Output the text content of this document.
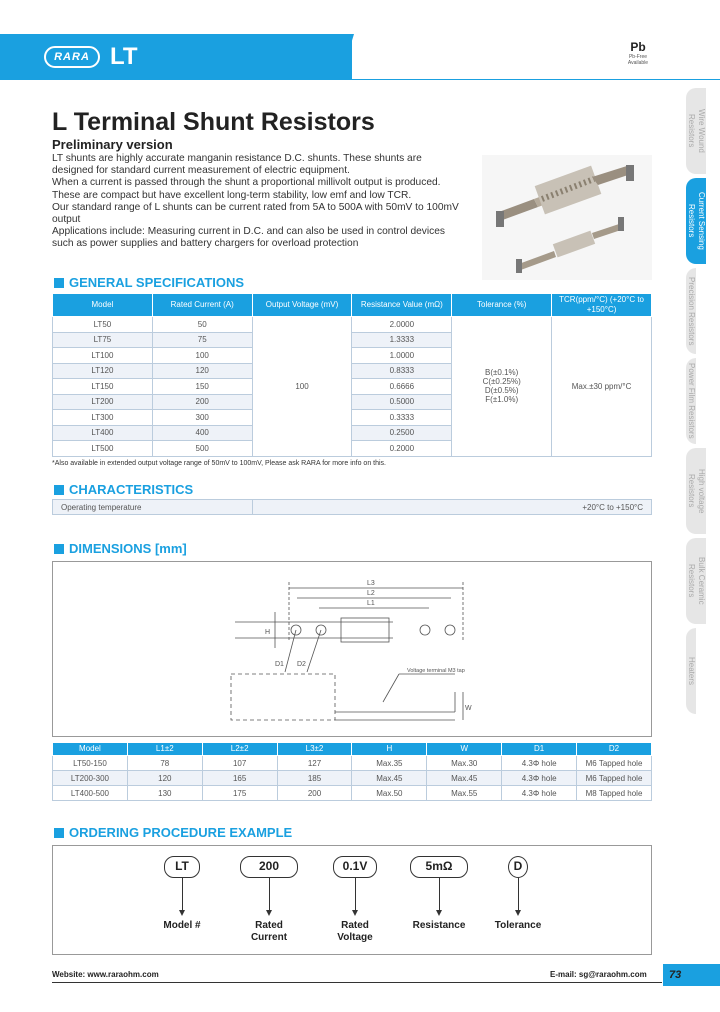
RARA LT	Pb
Pb-Free
Available
Wire Wound Resistors
Current Sensing Resistors
Precision Resistors
Power Film Resistors
High voltage Resistors
Bulk Ceramic Resistors
Heaters
L Terminal Shunt Resistors
Preliminary version

LT shunts are highly accurate manganin resistance D.C. shunts. These shunts are designed for standard current measurement of electric equipment.

When a current is passed through the shunt a proportional millivolt output is produced. These are compact but have excellent long-term stability, low emf and low TCR.

Our standard range of L shunts can be current rated from 5A to 500A with 50mV to 100mV output

Applications include: Measuring current in D.C. and can also be used in control devices such as power supplies and battery chargers for overload protection

GENERAL SPECIFICATIONS
Model	Rated Current (A)	Output Voltage (mV)	Resistance Value (mΩ)	Tolerance (%)	TCR(ppm/°C) (+20°C to +150°C)
LT50	50	100	2.0000	B(±0.1%)
C(±0.25%)
D(±0.5%)
F(±1.0%)	Max.±30 ppm/°C
LT75	75		1.3333		
LT100	100		1.0000		
LT120	120		0.8333		
LT150	150		0.6666		
LT200	200		0.5000		
LT300	300		0.3333		
LT400	400		0.2500		
LT500	500		0.2000		
*Also available in extended output voltage range of 50mV to 100mV, Please ask RARA for more info on this.
CHARACTERISTICS
Operating temperature	+20°C to +150°C
DIMENSIONS [mm]
L3
L2
L1
H
D1 D2
Voltage terminal M3 tap
W
Model	L1±2	L2±2	L3±2	H	W	D1	D2
LT50-150	78	107	127	Max.35	Max.30	4.3Φ hole	M6 Tapped hole
LT200-300	120	165	185	Max.45	Max.45	4.3Φ hole	M6 Tapped hole
LT400-500	130	175	200	Max.50	Max.55	4.3Φ hole	M8 Tapped hole
ORDERING PROCEDURE EXAMPLE
LT	200	0.1V	5mΩ	D
Model #	Rated Current
Rated Voltage
Resistance	Tolerance
Website: www.raraohm.com	E-mail: sg@raraohm.com	73
